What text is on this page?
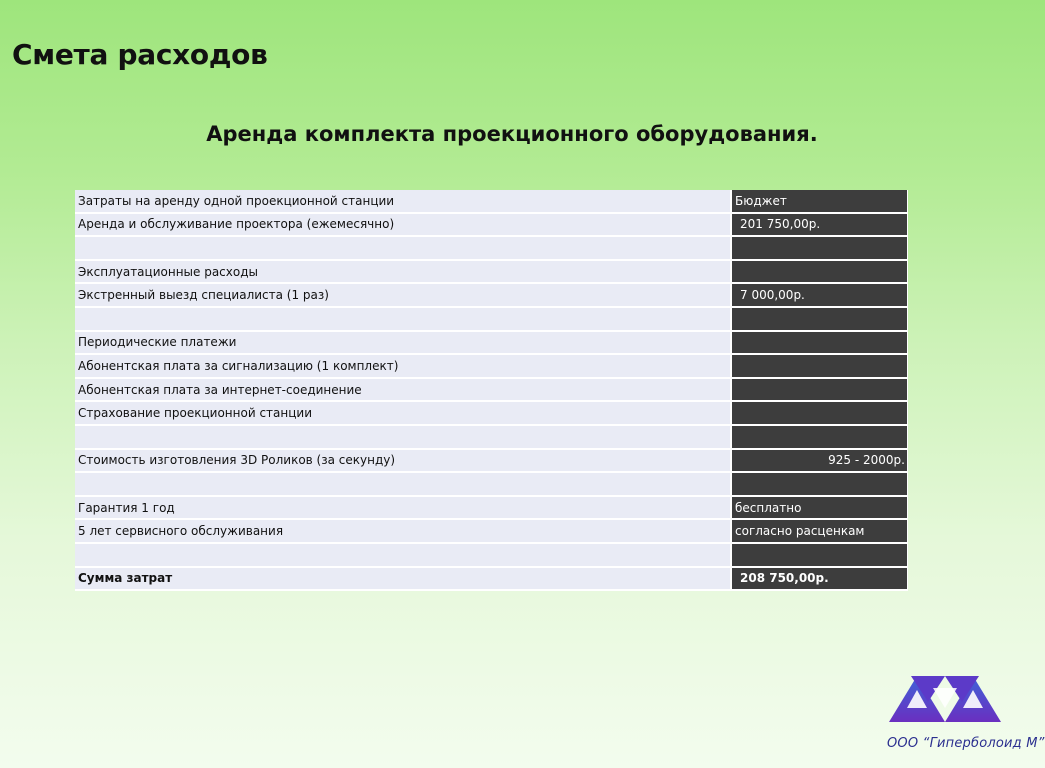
Смета расходов
Аренда комплекта проекционного оборудования.
Затраты на аренду одной проекционной станции	Бюджет
Аренда и обслуживание проектора (ежемесячно)	201 750,00р.

Эксплуатационные расходы	
Экстренный выезд специалиста (1 раз)	7 000,00р.

Периодические платежи	
Абонентская плата за сигнализацию (1 комплект)	
Абонентская плата за интернет-соединение	
Страхование проекционной станции	

Стоимость изготовления 3D Роликов (за секунду)	925 - 2000р.

Гарантия 1 год	бесплатно
5 лет сервисного обслуживания	согласно расценкам

Сумма затрат	208 750,00р.
ООО “Гиперболоид М”
